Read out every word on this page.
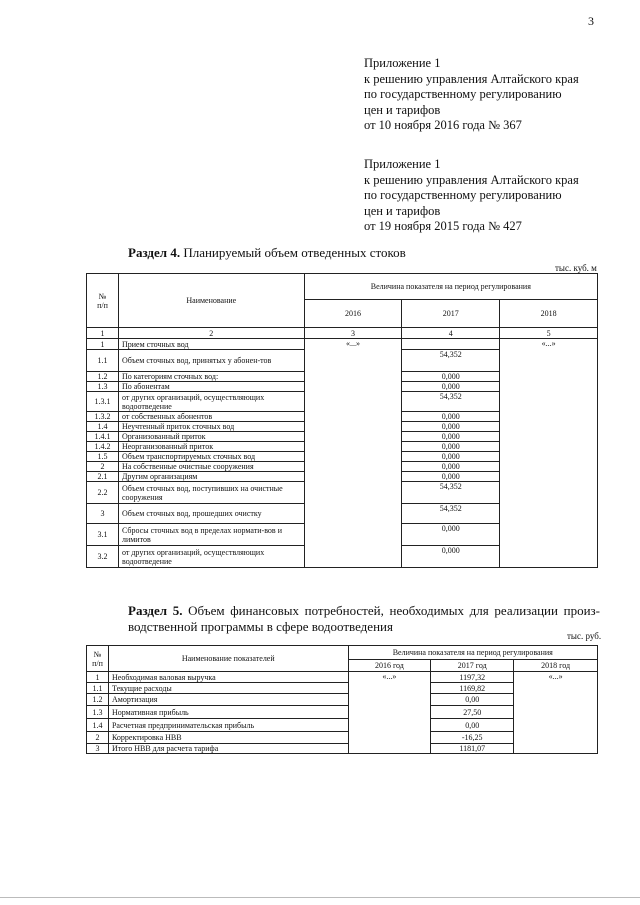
3
Приложение 1
к решению управления Алтайского края
по государственному регулированию
цен и тарифов
от 10 ноября 2016 года № 367
Приложение 1
к решению управления Алтайского края
по государственному регулированию
цен и тарифов
от 19 ноября 2015 года № 427
Раздел 4. Планируемый объем отведенных стоков
тыс. куб. м
№
п/п	Наименование	Величина показателя на период регулирования		
		2016	2017	2018
1	2	3	4	5
1	Прием сточных вод	«...»		«...»
1.1	Объем сточных вод, принятых у абонен-тов		54,352	
1.2	По категориям сточных вод:		0,000	
1.3	По абонентам		0,000	
1.3.1	от других организаций, осуществляющих водоотведение		54,352	
1.3.2	от собственных абонентов		0,000	
1.4	Неучтенный приток сточных вод		0,000	
1.4.1	Организованный приток		0,000	
1.4.2	Неорганизованный приток		0,000	
1.5	Объем транспортируемых сточных вод		0,000	
2	На собственные очистные сооружения		0,000	
2.1	Другим организациям		0,000	
2.2	Объем сточных вод, поступивших на очистные сооружения		54,352	
3	Объем сточных вод, прошедших очистку		54,352	
3.1	Сбросы сточных вод в пределах нормати-вов и лимитов		0,000	
3.2	от других организаций, осуществляющих водоотведение		0,000	
Раздел 5. Объем финансовых потребностей, необходимых для реализации произ-водственной программы в сфере водоотведения
тыс. руб.
№
п/п	Наименование показателей	Величина показателя на период регулирования		
		2016 год	2017 год	2018 год
1	Необходимая валовая выручка	«...»	1197,32	«...»
1.1	Текущие расходы		1169,82	
1.2	Амортизация		0,00	
1.3	Нормативная прибыль		27,50	
1.4	Расчетная предпринимательская прибыль		0,00	
2	Корректировка НВВ		-16,25	
3	Итого НВВ для расчета тарифа		1181,07	
